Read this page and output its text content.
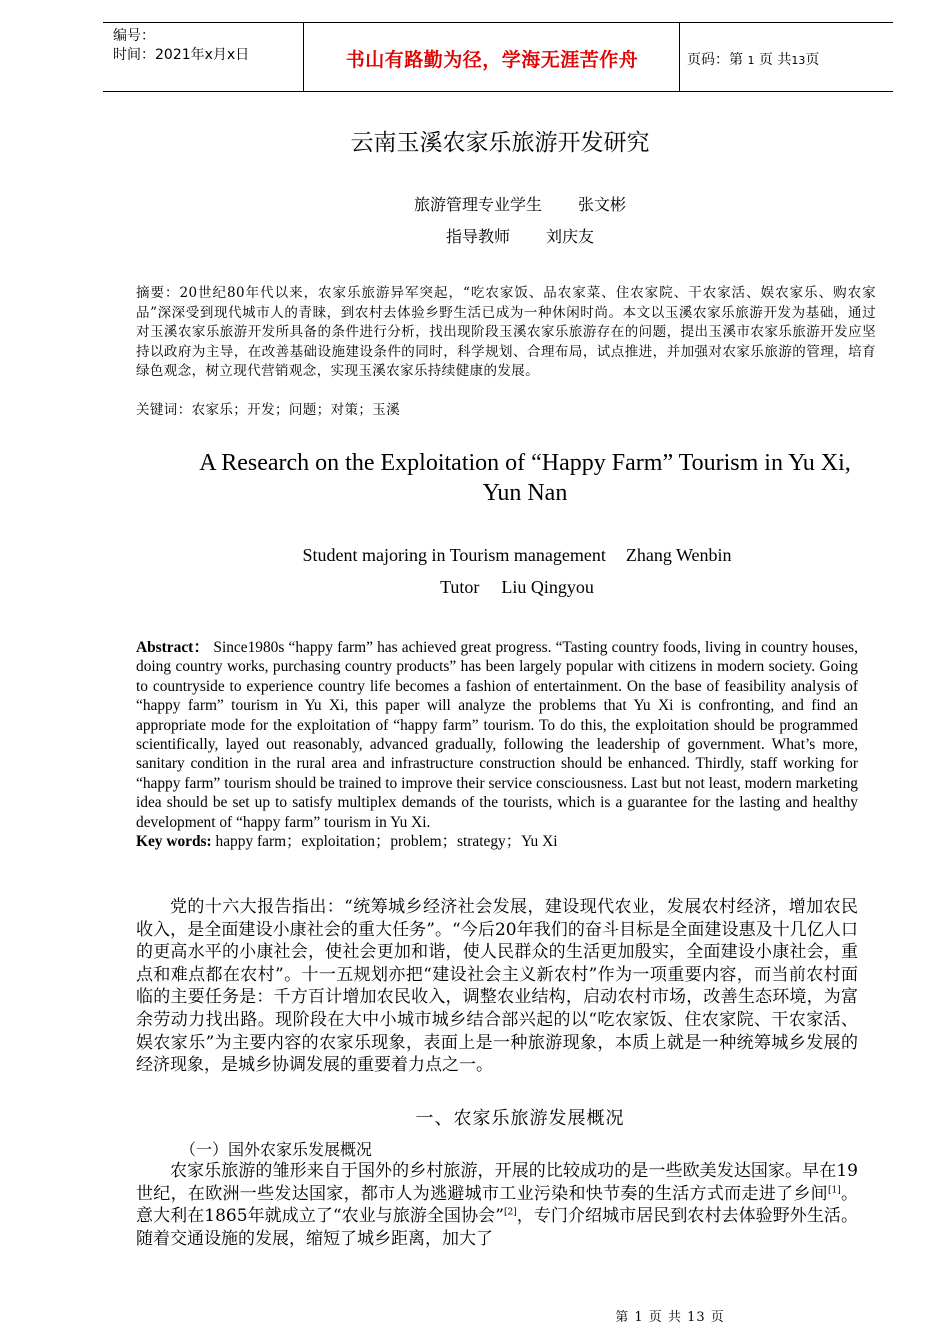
编号：
时间：2021年x月x日	书山有路勤为径，学海无涯苦作舟	页码：第 1 页 共13页
云南玉溪农家乐旅游开发研究
旅游管理专业学生 张文彬
指导教师 刘庆友
摘要：20世纪80年代以来，农家乐旅游异军突起，“吃农家饭、品农家菜、住农家院、干农家活、娱农家乐、购农家品”深深受到现代城市人的青睐，到农村去体验乡野生活已成为一种休闲时尚。本文以玉溪农家乐旅游开发为基础，通过对玉溪农家乐旅游开发所具备的条件进行分析，找出现阶段玉溪农家乐旅游存在的问题，提出玉溪市农家乐旅游开发应坚持以政府为主导，在改善基础设施建设条件的同时，科学规划、合理布局，试点推进，并加强对农家乐旅游的管理，培育绿色观念，树立现代营销观念，实现玉溪农家乐持续健康的发展。
关键词：农家乐；开发；问题；对策；玉溪
A Research on the Exploitation of “Happy Farm” Tourism in Yu Xi, Yun Nan
Student majoring in Tourism management Zhang Wenbin
Tutor Liu Qingyou
Abstract： Since1980s “happy farm” has achieved great progress. “Tasting country foods, living in country houses, doing country works, purchasing country products” has been largely popular with citizens in modern society. Going to countryside to experience country life becomes a fashion of entertainment. On the base of feasibility analysis of “happy farm” tourism in Yu Xi, this paper will analyze the problems that Yu Xi is confronting, and find an appropriate mode for the exploitation of “happy farm” tourism. To do this, the exploitation should be programmed scientifically, layed out reasonably, advanced gradually, following the leadership of government. What’s more, sanitary condition in the rural area and infrastructure construction should be enhanced. Thirdly, staff working for “happy farm” tourism should be trained to improve their service consciousness. Last but not least, modern marketing idea should be set up to satisfy multiplex demands of the tourists, which is a guarantee for the lasting and healthy development of “happy farm” tourism in Yu Xi.
Key words: happy farm；exploitation；problem；strategy；Yu Xi

党的十六大报告指出：“统筹城乡经济社会发展，建设现代农业，发展农村经济，增加农民收入，是全面建设小康社会的重大任务”。“今后20年我们的奋斗目标是全面建设惠及十几亿人口的更高水平的小康社会，使社会更加和谐，使人民群众的生活更加殷实，全面建设小康社会，重点和难点都在农村”。十一五规划亦把“建设社会主义新农村”作为一项重要内容，而当前农村面临的主要任务是：千方百计增加农民收入，调整农业结构，启动农村市场，改善生态环境，为富余劳动力找出路。现阶段在大中小城市城乡结合部兴起的以“吃农家饭、住农家院、干农家活、娱农家乐”为主要内容的农家乐现象，表面上是一种旅游现象，本质上就是一种统筹城乡发展的经济现象，是城乡协调发展的重要着力点之一。

一、农家乐旅游发展概况
（一）国外农家乐发展概况

农家乐旅游的雏形来自于国外的乡村旅游，开展的比较成功的是一些欧美发达国家。早在19世纪，在欧洲一些发达国家，都市人为逃避城市工业污染和快节奏的生活方式而走进了乡间[1]。意大利在1865年就成立了“农业与旅游全国协会”[2]，专门介绍城市居民到农村去体验野外生活。随着交通设施的发展，缩短了城乡距离，加大了

第 1 页 共 13 页
